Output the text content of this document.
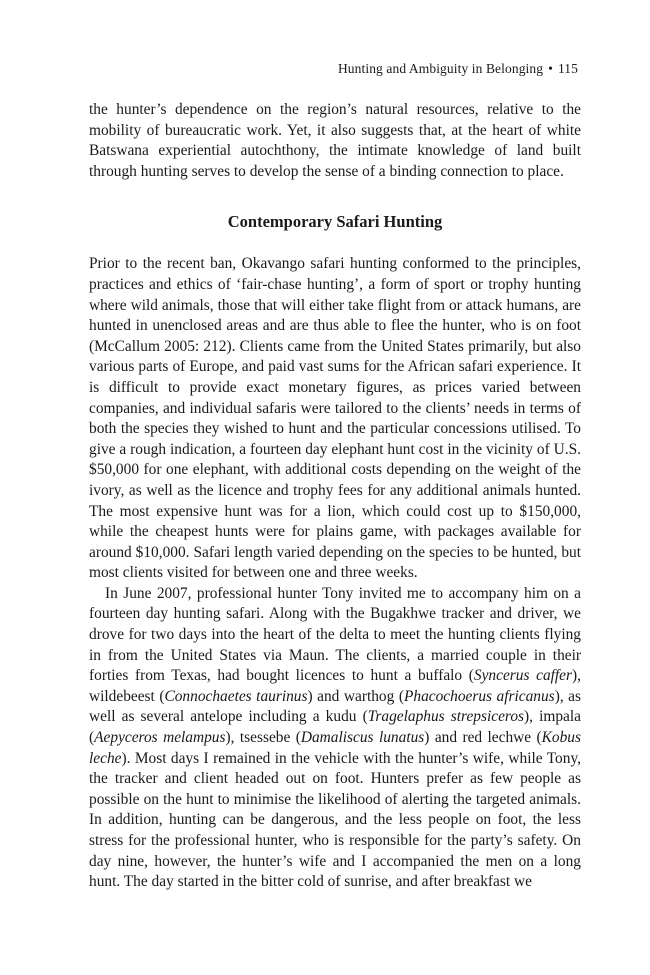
Hunting and Ambiguity in Belonging • 115

the hunter’s dependence on the region’s natural resources, relative to the mobility of bureaucratic work. Yet, it also suggests that, at the heart of white Batswana experiential autochthony, the intimate knowledge of land built through hunting serves to develop the sense of a binding connection to place.

Contemporary Safari Hunting

Prior to the recent ban, Okavango safari hunting conformed to the principles, practices and ethics of ‘fair-chase hunting’, a form of sport or trophy hunting where wild animals, those that will either take flight from or attack humans, are hunted in unenclosed areas and are thus able to flee the hunter, who is on foot (McCallum 2005: 212). Clients came from the United States primarily, but also various parts of Europe, and paid vast sums for the African safari experience. It is difficult to provide exact monetary figures, as prices varied between companies, and individual safaris were tailored to the clients’ needs in terms of both the species they wished to hunt and the particular concessions utilised. To give a rough indication, a fourteen day elephant hunt cost in the vicinity of U.S. $50,000 for one elephant, with additional costs depending on the weight of the ivory, as well as the licence and trophy fees for any additional animals hunted. The most expensive hunt was for a lion, which could cost up to $150,000, while the cheapest hunts were for plains game, with packages available for around $10,000. Safari length varied depending on the species to be hunted, but most clients visited for between one and three weeks.

In June 2007, professional hunter Tony invited me to accompany him on a fourteen day hunting safari. Along with the Bugakhwe tracker and driver, we drove for two days into the heart of the delta to meet the hunting clients flying in from the United States via Maun. The clients, a married couple in their forties from Texas, had bought licences to hunt a buffalo (Syncerus caffer), wildebeest (Connochaetes taurinus) and warthog (Phacochoerus africanus), as well as several antelope including a kudu (Tragelaphus strepsiceros), impala (Aepyceros melampus), tsessebe (Damaliscus lunatus) and red lechwe (Kobus leche). Most days I remained in the vehicle with the hunter’s wife, while Tony, the tracker and client headed out on foot. Hunters prefer as few people as possible on the hunt to minimise the likelihood of alerting the targeted animals. In addition, hunting can be dangerous, and the less people on foot, the less stress for the professional hunter, who is responsible for the party’s safety. On day nine, however, the hunter’s wife and I accompanied the men on a long hunt. The day started in the bitter cold of sunrise, and after breakfast we
